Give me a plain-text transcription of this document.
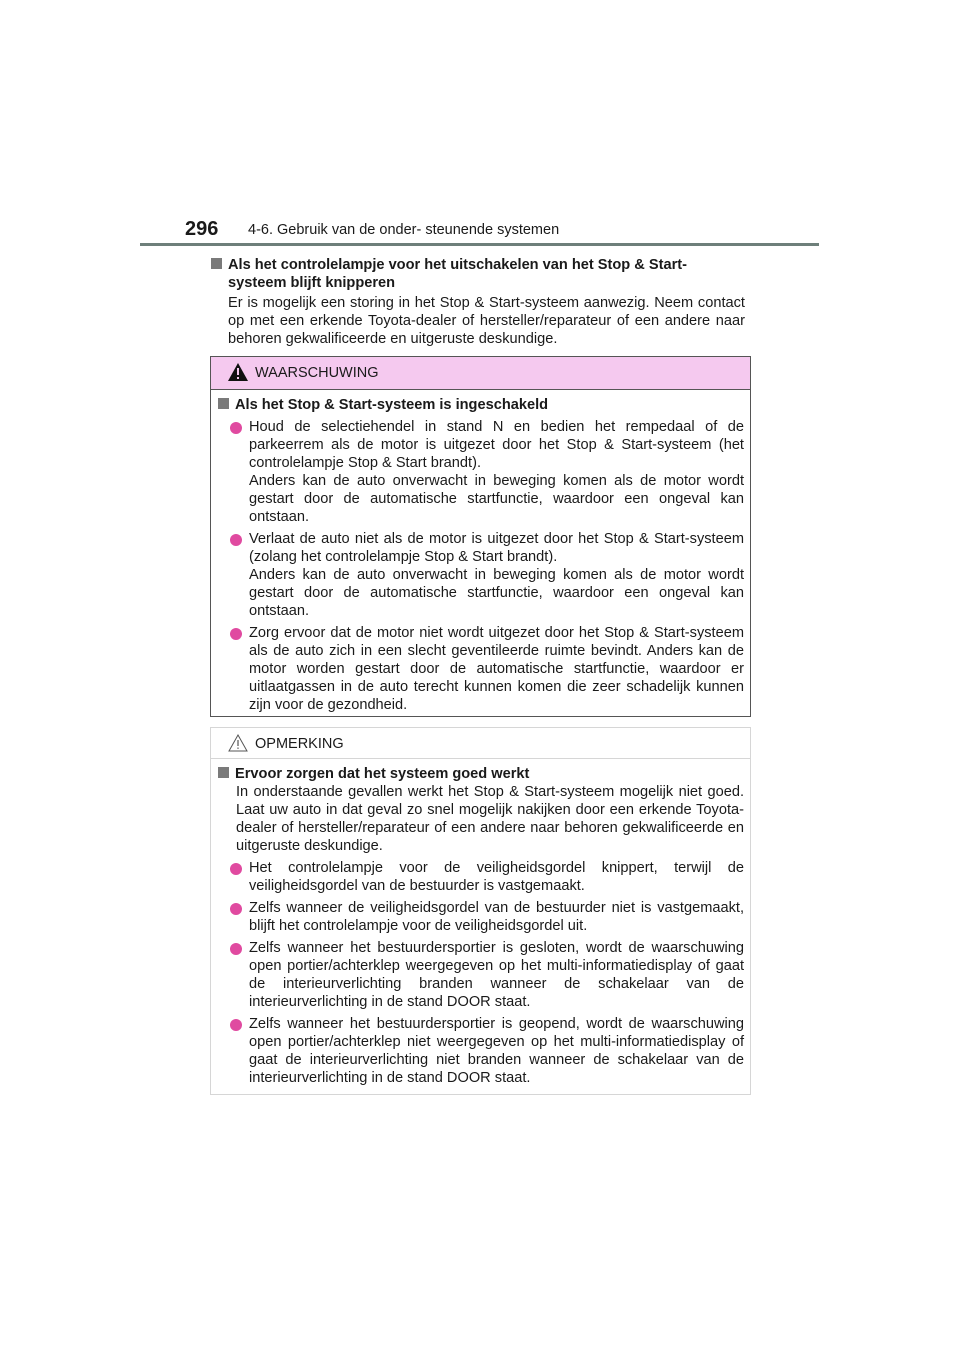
296 4-6. Gebruik van de onder- steunende systemen
Als het controlelampje voor het uitschakelen van het Stop & Start-systeem blijft knipperen
Er is mogelijk een storing in het Stop & Start-systeem aanwezig. Neem contact op met een erkende Toyota-dealer of hersteller/reparateur of een andere naar behoren gekwalificeerde en uitgeruste deskundige.
WAARSCHUWING
Als het Stop & Start-systeem is ingeschakeld
Houd de selectiehendel in stand N en bedien het rempedaal of de parkeerrem als de motor is uitgezet door het Stop & Start-systeem (het controlelampje Stop & Start brandt).
Anders kan de auto onverwacht in beweging komen als de motor wordt gestart door de automatische startfunctie, waardoor een ongeval kan ontstaan.
Verlaat de auto niet als de motor is uitgezet door het Stop & Start-systeem (zolang het controlelampje Stop & Start brandt).
Anders kan de auto onverwacht in beweging komen als de motor wordt gestart door de automatische startfunctie, waardoor een ongeval kan ontstaan.
Zorg ervoor dat de motor niet wordt uitgezet door het Stop & Start-systeem als de auto zich in een slecht geventileerde ruimte bevindt. Anders kan de motor worden gestart door de automatische startfunctie, waardoor er uitlaatgassen in de auto terecht kunnen komen die zeer schadelijk kunnen zijn voor de gezondheid.
OPMERKING
Ervoor zorgen dat het systeem goed werkt
In onderstaande gevallen werkt het Stop & Start-systeem mogelijk niet goed. Laat uw auto in dat geval zo snel mogelijk nakijken door een erkende Toyota-dealer of hersteller/reparateur of een andere naar behoren gekwalificeerde en uitgeruste deskundige.
Het controlelampje voor de veiligheidsgordel knippert, terwijl de veiligheidsgordel van de bestuurder is vastgemaakt.
Zelfs wanneer de veiligheidsgordel van de bestuurder niet is vastgemaakt, blijft het controlelampje voor de veiligheidsgordel uit.
Zelfs wanneer het bestuurdersportier is gesloten, wordt de waarschuwing open portier/achterklep weergegeven op het multi-informatiedisplay of gaat de interieurverlichting branden wanneer de schakelaar van de interieurverlichting in de stand DOOR staat.
Zelfs wanneer het bestuurdersportier is geopend, wordt de waarschuwing open portier/achterklep niet weergegeven op het multi-informatiedisplay of gaat de interieurverlichting niet branden wanneer de schakelaar van de interieurverlichting in de stand DOOR staat.
